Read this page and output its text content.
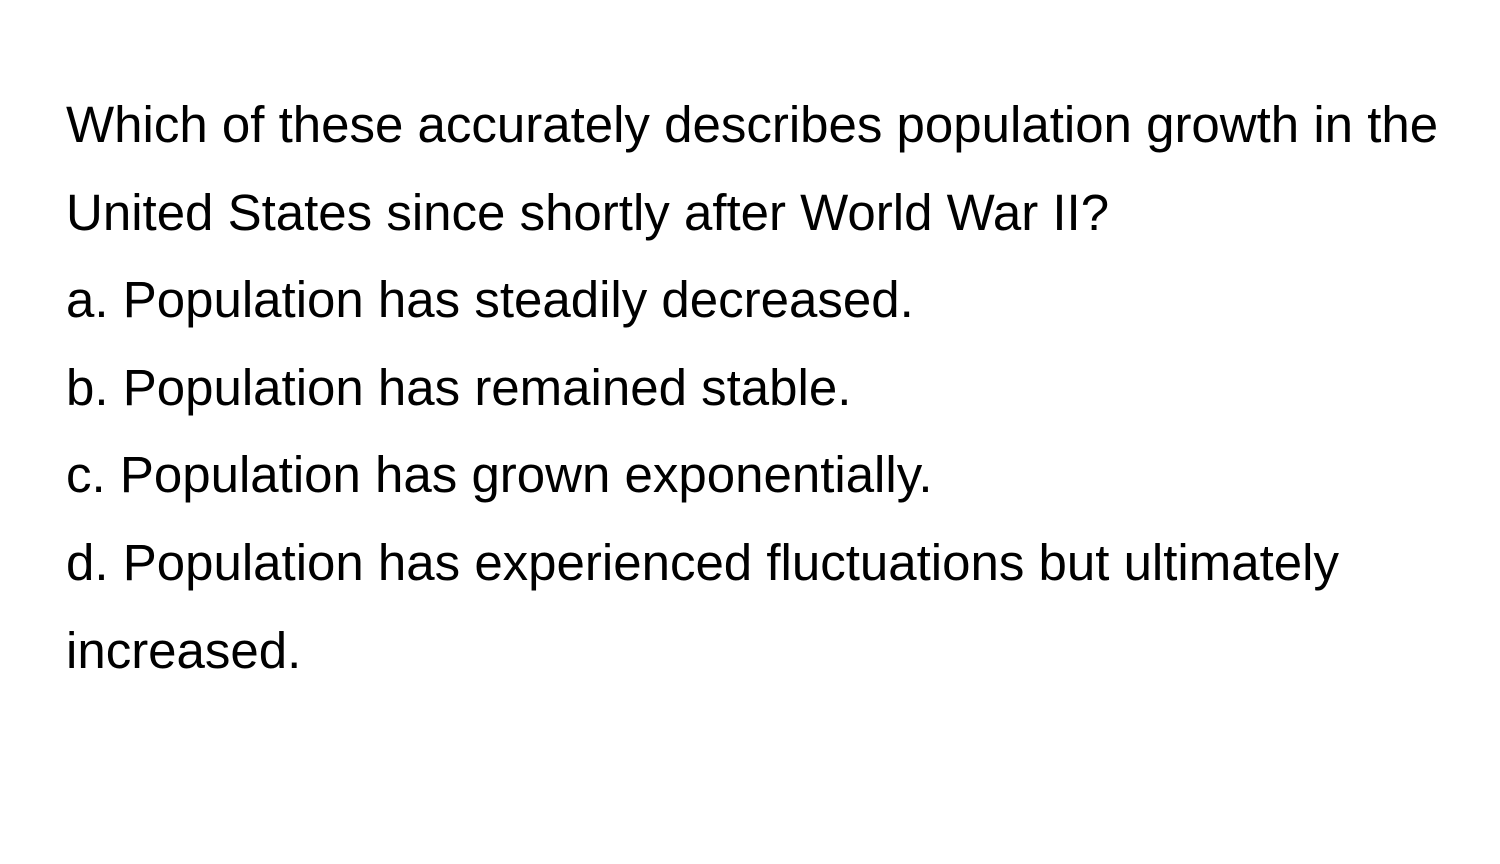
Which of these accurately describes population growth in the United States since shortly after World War II?

a. Population has steadily decreased.
b. Population has remained stable.
c. Population has grown exponentially.
d. Population has experienced fluctuations but ultimately increased.
